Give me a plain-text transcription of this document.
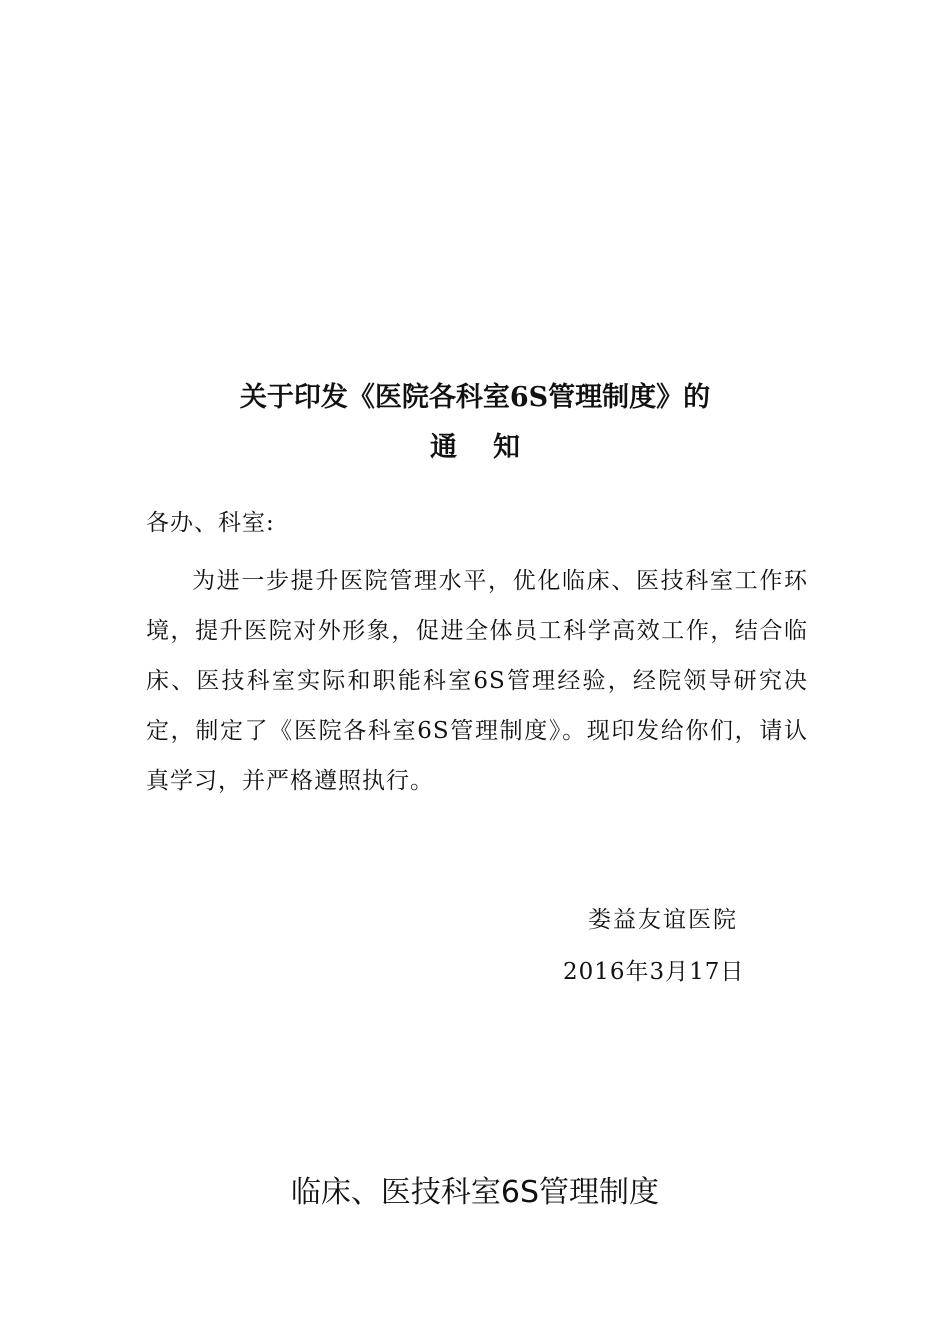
关于印发《医院各科室6S管理制度》的
通 知
各办、科室:
为进一步提升医院管理水平，优化临床、医技科室工作环境，提升医院对外形象，促进全体员工科学高效工作，结合临床、医技科室实际和职能科室6S管理经验，经院领导研究决定，制定了《医院各科室6S管理制度》。现印发给你们，请认真学习，并严格遵照执行。
娄益友谊医院
2016年3月17日
临床、医技科室6S管理制度
